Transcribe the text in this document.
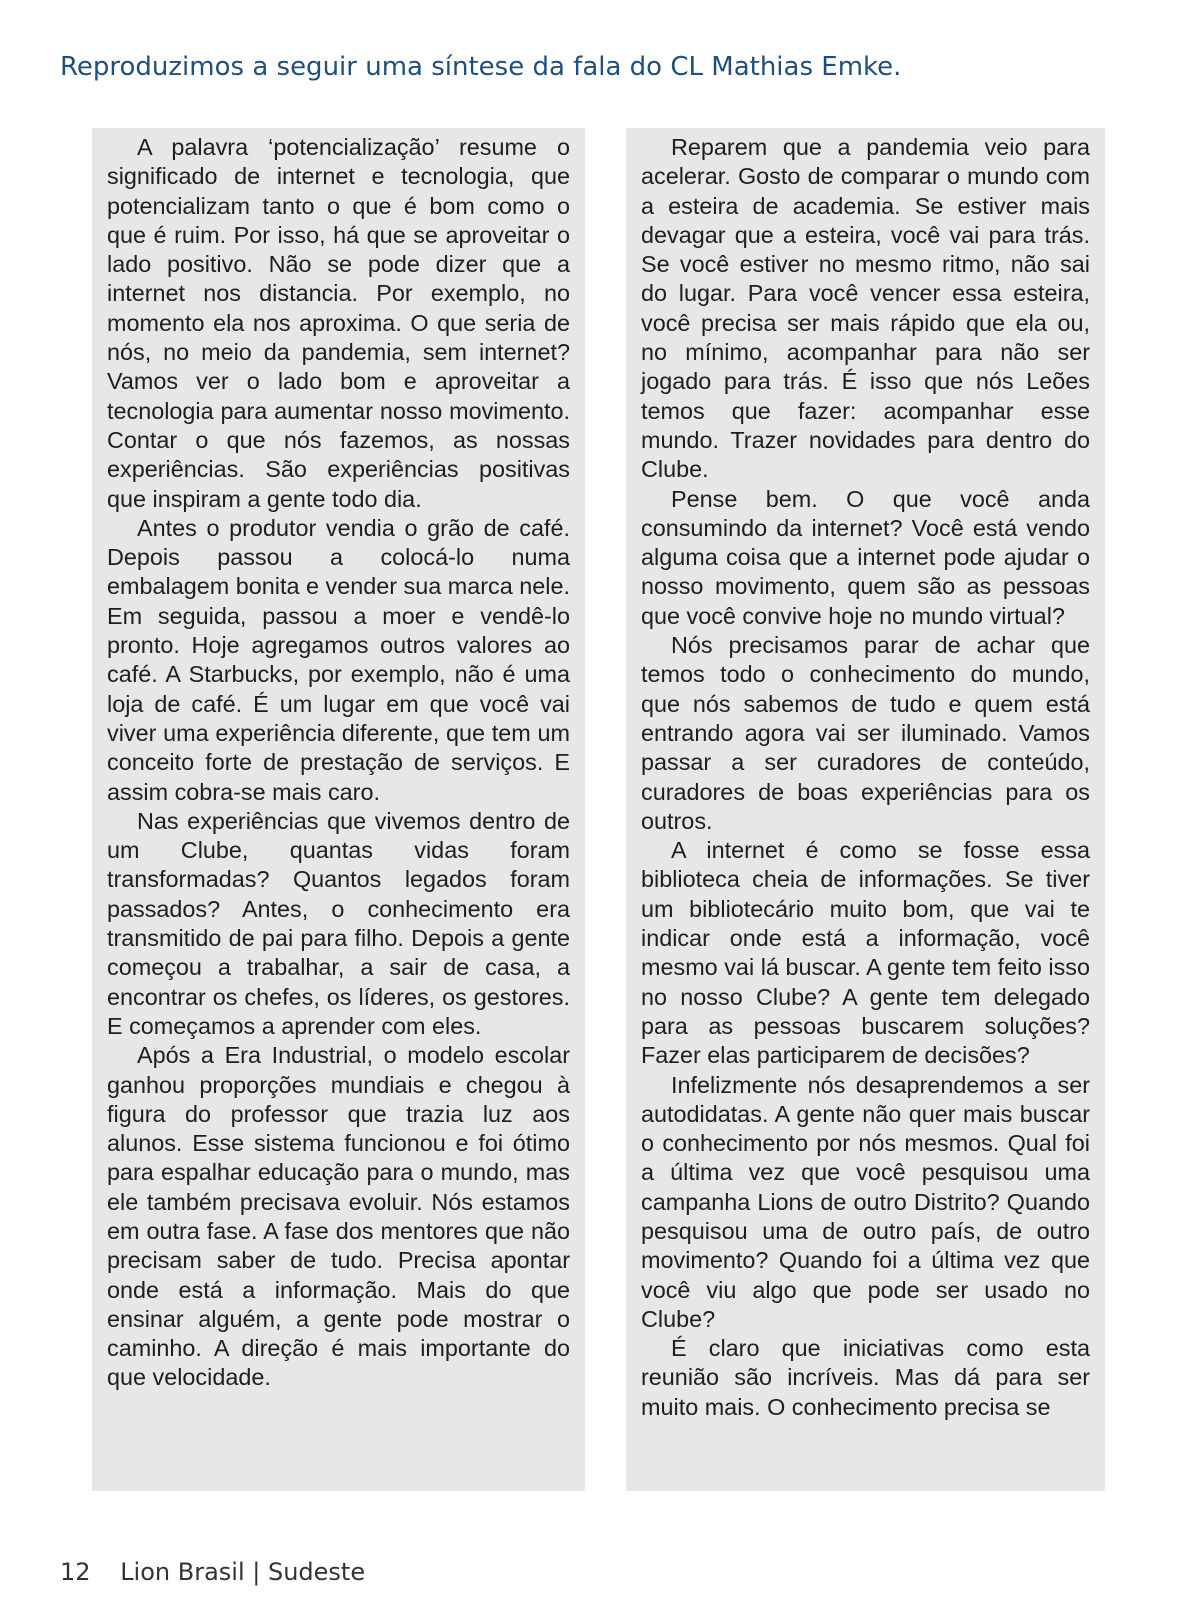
Reproduzimos a seguir uma síntese da fala do CL Mathias Emke.

A palavra ‘potencialização’ resume o significado de internet e tecnologia, que potencializam tanto o que é bom como o que é ruim. Por isso, há que se aproveitar o lado positivo. Não se pode dizer que a internet nos distancia. Por exemplo, no momento ela nos aproxima. O que seria de nós, no meio da pandemia, sem internet? Vamos ver o lado bom e aproveitar a tecnologia para aumentar nosso movimento. Contar o que nós fazemos, as nossas experiências. São experiências positivas que inspiram a gente todo dia.

Antes o produtor vendia o grão de café. Depois passou a colocá-lo numa embalagem bonita e vender sua marca nele. Em seguida, passou a moer e vendê-lo pronto. Hoje agregamos outros valores ao café. A Starbucks, por exemplo, não é uma loja de café. É um lugar em que você vai viver uma experiência diferente, que tem um conceito forte de prestação de serviços. E assim cobra-se mais caro.

Nas experiências que vivemos dentro de um Clube, quantas vidas foram transformadas? Quantos legados foram passados? Antes, o conhecimento era transmitido de pai para filho. Depois a gente começou a trabalhar, a sair de casa, a encontrar os chefes, os líderes, os gestores. E começamos a aprender com eles.

Após a Era Industrial, o modelo escolar ganhou proporções mundiais e chegou à figura do professor que trazia luz aos alunos. Esse sistema funcionou e foi ótimo para espalhar educação para o mundo, mas ele também precisava evoluir. Nós estamos em outra fase. A fase dos mentores que não precisam saber de tudo. Precisa apontar onde está a informação. Mais do que ensinar alguém, a gente pode mostrar o caminho. A direção é mais importante do que velocidade.

Reparem que a pandemia veio para acelerar. Gosto de comparar o mundo com a esteira de academia. Se estiver mais devagar que a esteira, você vai para trás. Se você estiver no mesmo ritmo, não sai do lugar. Para você vencer essa esteira, você precisa ser mais rápido que ela ou, no mínimo, acompanhar para não ser jogado para trás. É isso que nós Leões temos que fazer: acompanhar esse mundo. Trazer novidades para dentro do Clube.

Pense bem. O que você anda consumindo da internet? Você está vendo alguma coisa que a internet pode ajudar o nosso movimento, quem são as pessoas que você convive hoje no mundo virtual?

Nós precisamos parar de achar que temos todo o conhecimento do mundo, que nós sabemos de tudo e quem está entrando agora vai ser iluminado. Vamos passar a ser curadores de conteúdo, curadores de boas experiências para os outros.

A internet é como se fosse essa biblioteca cheia de informações. Se tiver um bibliotecário muito bom, que vai te indicar onde está a informação, você mesmo vai lá buscar. A gente tem feito isso no nosso Clube? A gente tem delegado para as pessoas buscarem soluções? Fazer elas participarem de decisões?

Infelizmente nós desaprendemos a ser autodidatas. A gente não quer mais buscar o conhecimento por nós mesmos. Qual foi a última vez que você pesquisou uma campanha Lions de outro Distrito? Quando pesquisou uma de outro país, de outro movimento? Quando foi a última vez que você viu algo que pode ser usado no Clube?

É claro que iniciativas como esta reunião são incríveis. Mas dá para ser muito mais. O conhecimento precisa se

12 Lion Brasil | Sudeste
